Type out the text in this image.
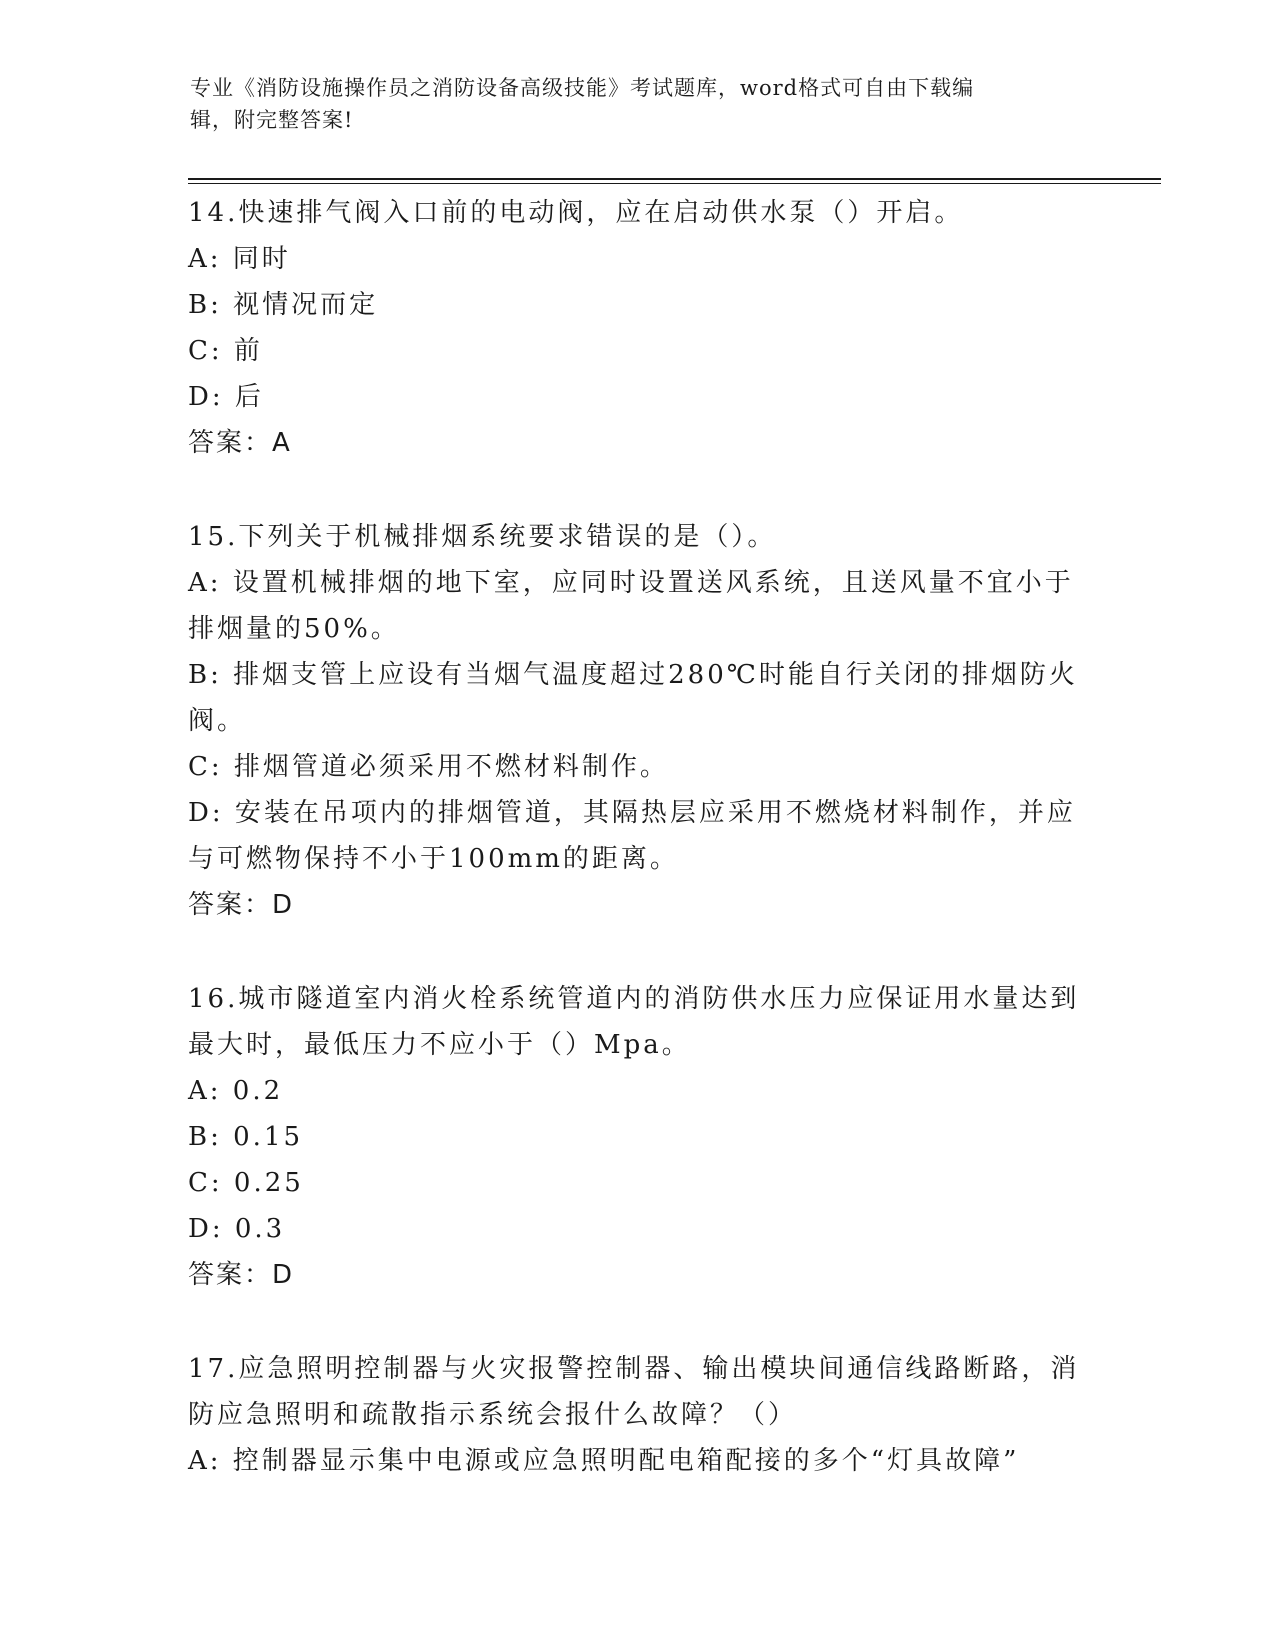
专业《消防设施操作员之消防设备高级技能》考试题库，word格式可自由下载编
辑，附完整答案!
14.快速排气阀入口前的电动阀，应在启动供水泵（）开启。
A: 同时
B: 视情况而定
C: 前
D: 后
答案：A
15.下列关于机械排烟系统要求错误的是（）。
A: 设置机械排烟的地下室，应同时设置送风系统，且送风量不宜小于
排烟量的50%。
B: 排烟支管上应设有当烟气温度超过280℃时能自行关闭的排烟防火
阀。
C: 排烟管道必须采用不燃材料制作。
D: 安装在吊项内的排烟管道，其隔热层应采用不燃烧材料制作，并应
与可燃物保持不小于100mm的距离。
答案：D
16.城市隧道室内消火栓系统管道内的消防供水压力应保证用水量达到
最大时，最低压力不应小于（）Mpa。
A: 0.2
B: 0.15
C: 0.25
D: 0.3
答案：D
17.应急照明控制器与火灾报警控制器、输出模块间通信线路断路，消
防应急照明和疏散指示系统会报什么故障？（）
A: 控制器显示集中电源或应急照明配电箱配接的多个“灯具故障”
